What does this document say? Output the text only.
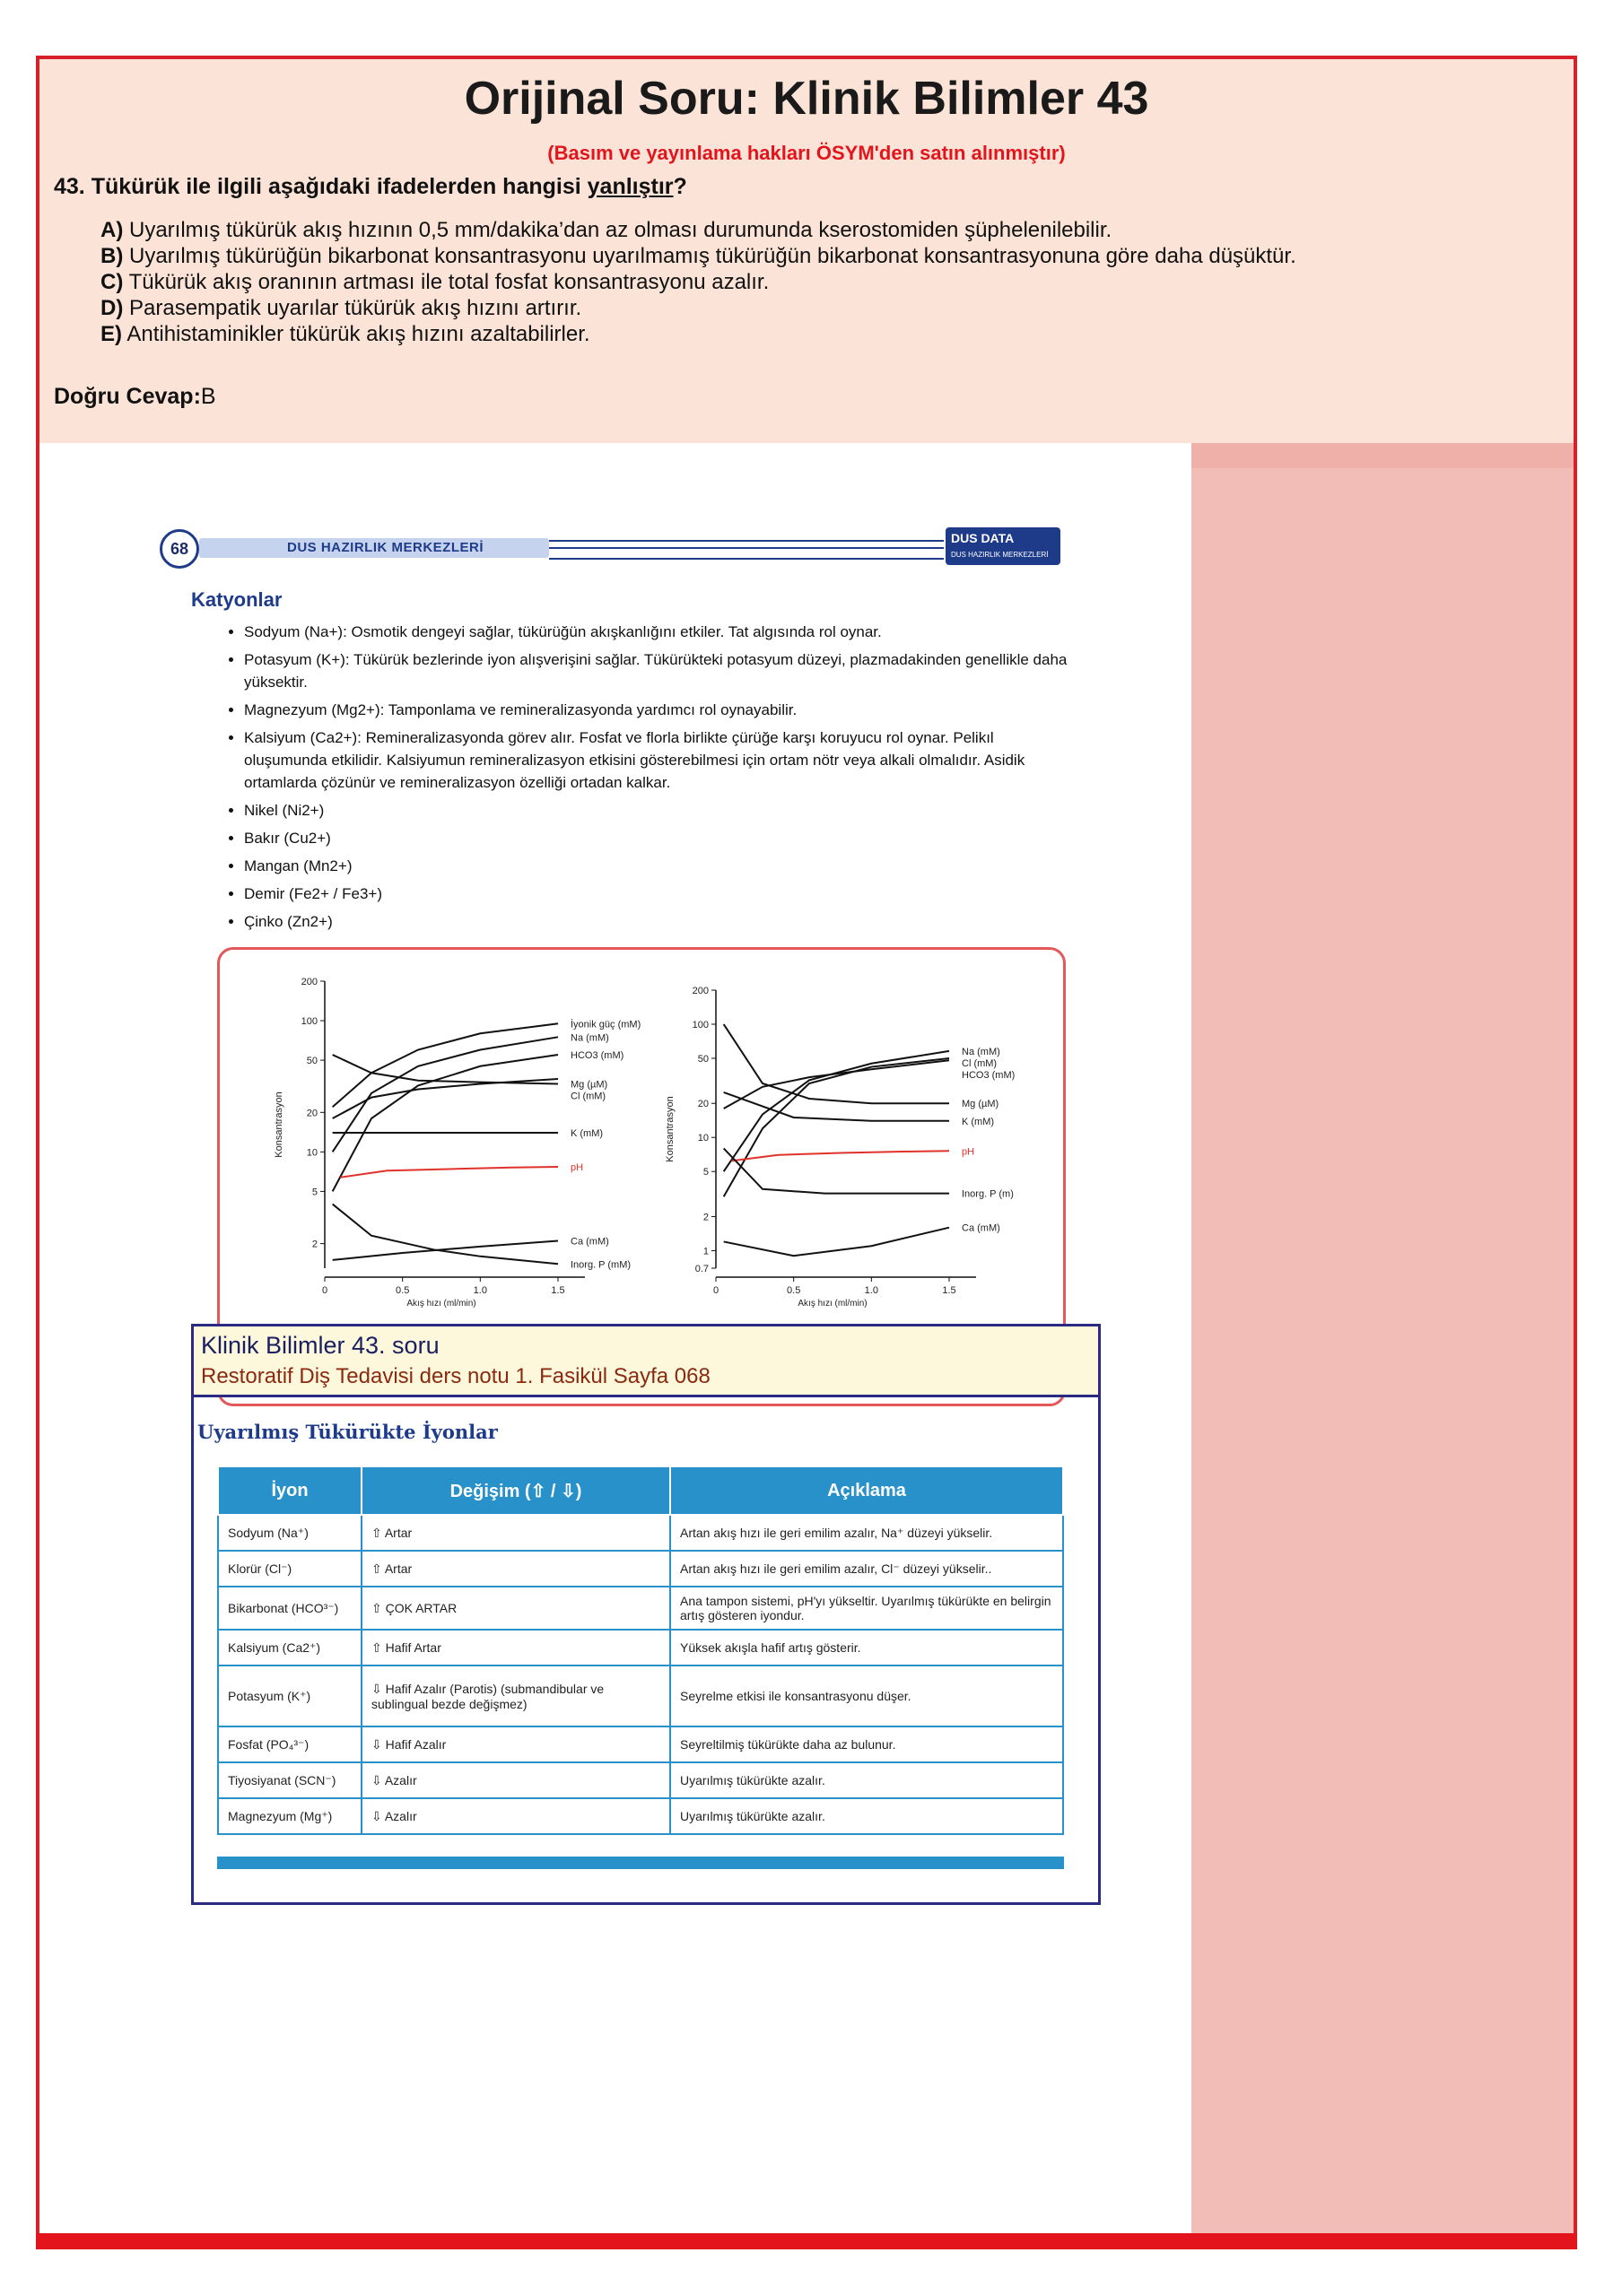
Orijinal Soru: Klinik Bilimler 43
(Basım ve yayınlama hakları ÖSYM'den satın alınmıştır)
43. Tükürük ile ilgili aşağıdaki ifadelerden hangisi yanlıştır?
A) Uyarılmış tükürük akış hızının 0,5 mm/dakika’dan az olması durumunda kserostomiden şüphelenilebilir.
B) Uyarılmış tükürüğün bikarbonat konsantrasyonu uyarılmamış tükürüğün bikarbonat konsantrasyonuna göre daha düşüktür.
C) Tükürük akış oranının artması ile total fosfat konsantrasyonu azalır.
D) Parasempatik uyarılar tükürük akış hızını artırır.
E) Antihistaminikler tükürük akış hızını azaltabilirler.
Doğru Cevap:B
68	DUS HAZIRLIK MERKEZLERİ
DUS DATA
DUS HAZIRLIK MERKEZLERİ
Katyonlar
• Sodyum (Na+): Osmotik dengeyi sağlar, tükürüğün akışkanlığını etkiler. Tat algısında rol oynar.
• Potasyum (K+): Tükürük bezlerinde iyon alışverişini sağlar. Tükürükteki potasyum düzeyi, plazmadakinden genellikle daha yüksektir.
• Magnezyum (Mg2+): Tamponlama ve remineralizasyonda yardımcı rol oynayabilir.
• Kalsiyum (Ca2+): Remineralizasyonda görev alır. Fosfat ve florla birlikte çürüğe karşı koruyucu rol oynar. Pelikıl oluşumunda etkilidir. Kalsiyumun remineralizasyon etkisini gösterebilmesi için ortam nötr veya alkali olmalıdır. Asidik ortamlarda çözünür ve remineralizasyon özelliği ortadan kalkar.
• Nikel (Ni2+)
• Bakır (Cu2+)
• Mangan (Mn2+)
• Demir (Fe2+ / Fe3+)
• Çinko (Zn2+)
200
100
50
20
10
5
2
0	0.5	1.0	1.5
Akış hızı (ml/min)
Konsantrasyon
İyonik güç (mM)
Na (mM)
HCO3 (mM)
Mg (µM)
Cl (mM)
K (mM)
pH
Ca (mM)
Inorg. P (mM)
200
100
50
20
10
5
2
1
0.7
0	0.5	1.0	1.5
Akış hızı (ml/min)
Konsantrasyon
Na (mM)
Cl (mM)
HCO3 (mM)
Mg (µM)
K (mM)
pH
Inorg. P (m)
Ca (mM)
Klinik Bilimler 43. soru
Restoratif Diş Tedavisi ders notu 1. Fasikül Sayfa 068
Uyarılmış Tükürükte İyonlar
İyon	Değişim (⇧ / ⇩)	Açıklama
Sodyum (Na⁺)	⇧ Artar	Artan akış hızı ile geri emilim azalır, Na⁺ düzeyi yükselir.
Klorür (Cl⁻)	⇧ Artar	Artan akış hızı ile geri emilim azalır, Cl⁻ düzeyi yükselir..
Bikarbonat (HCO³⁻)	⇧ ÇOK ARTAR	Ana tampon sistemi, pH'yı yükseltir. Uyarılmış tükürükte en belirgin artış gösteren iyondur.
Kalsiyum (Ca2⁺)	⇧ Hafif Artar	Yüksek akışla hafif artış gösterir.
Potasyum (K⁺)	⇩ Hafif Azalır (Parotis) (submandibular ve sublingual bezde değişmez)	Seyrelme etkisi ile konsantrasyonu düşer.
Fosfat (PO₄³⁻)	⇩ Hafif Azalır	Seyreltilmiş tükürükte daha az bulunur.
Tiyosiyanat (SCN⁻)	⇩ Azalır	Uyarılmış tükürükte azalır.
Magnezyum (Mg⁺)	⇩ Azalır	Uyarılmış tükürükte azalır.
